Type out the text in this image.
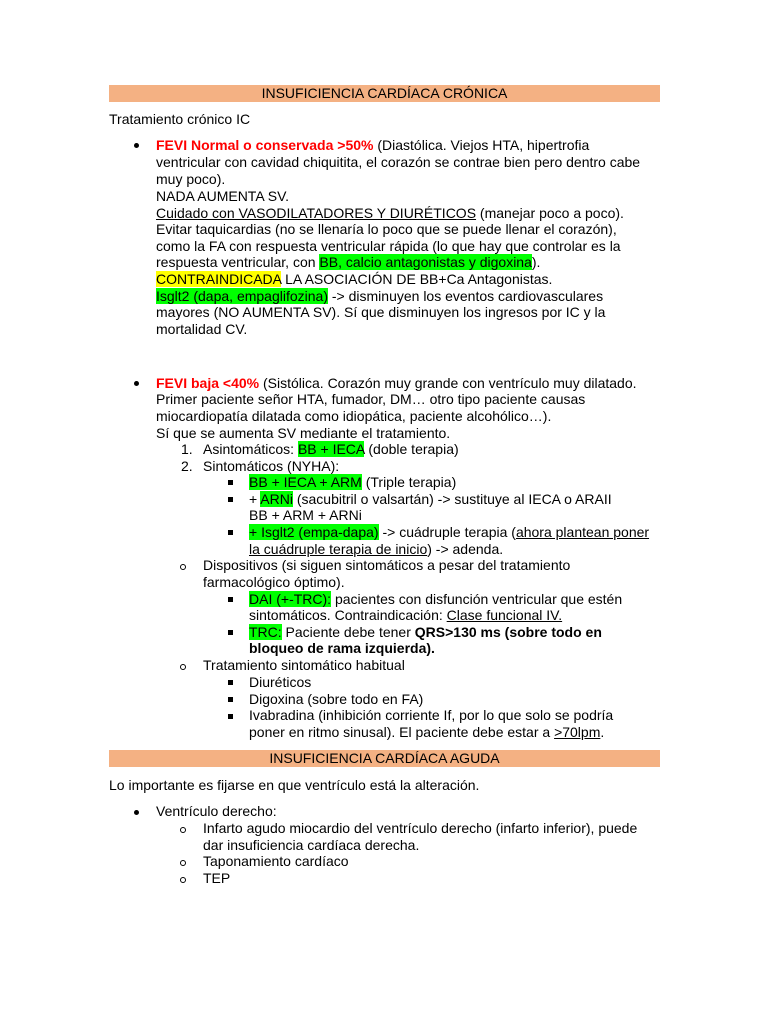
INSUFICIENCIA CARDÍACA CRÓNICA
Tratamiento crónico IC
FEVI Normal o conservada >50% (Diastólica. Viejos HTA, hipertrofia
ventricular con cavidad chiquitita, el corazón se contrae bien pero dentro cabe
muy poco).
NADA AUMENTA SV.
Cuidado con VASODILATADORES Y DIURÉTICOS (manejar poco a poco).
Evitar taquicardias (no se llenaría lo poco que se puede llenar el corazón),
como la FA con respuesta ventricular rápida (lo que hay que controlar es la
respuesta ventricular, con BB, calcio antagonistas y digoxina).
CONTRAINDICADA LA ASOCIACIÓN DE BB+Ca Antagonistas.
Isglt2 (dapa, empaglifozina) -> disminuyen los eventos cardiovasculares
mayores (NO AUMENTA SV). Sí que disminuyen los ingresos por IC y la
mortalidad CV.
FEVI baja <40% (Sistólica. Corazón muy grande con ventrículo muy dilatado.
Primer paciente señor HTA, fumador, DM… otro tipo paciente causas
miocardiopatía dilatada como idiopática, paciente alcohólico…).
Sí que se aumenta SV mediante el tratamiento.
1. Asintomáticos: BB + IECA (doble terapia)
2. Sintomáticos (NYHA):
BB + IECA + ARM (Triple terapia)
+ ARNi (sacubitril o valsartán) -> sustituye al IECA o ARAII
BB + ARM + ARNi
+ Isglt2 (empa-dapa) -> cuádruple terapia (ahora plantean poner
la cuádruple terapia de inicio) -> adenda.
Dispositivos (si siguen sintomáticos a pesar del tratamiento
farmacológico óptimo).
DAI (+-TRC): pacientes con disfunción ventricular que estén
sintomáticos. Contraindicación: Clase funcional IV.
TRC: Paciente debe tener QRS>130 ms (sobre todo en
bloqueo de rama izquierda).
Tratamiento sintomático habitual
Diuréticos
Digoxina (sobre todo en FA)
Ivabradina (inhibición corriente If, por lo que solo se podría
poner en ritmo sinusal). El paciente debe estar a >70lpm.
INSUFICIENCIA CARDÍACA AGUDA
Lo importante es fijarse en que ventrículo está la alteración.
Ventrículo derecho:
Infarto agudo miocardio del ventrículo derecho (infarto inferior), puede
dar insuficiencia cardíaca derecha.
Taponamiento cardíaco
TEP
